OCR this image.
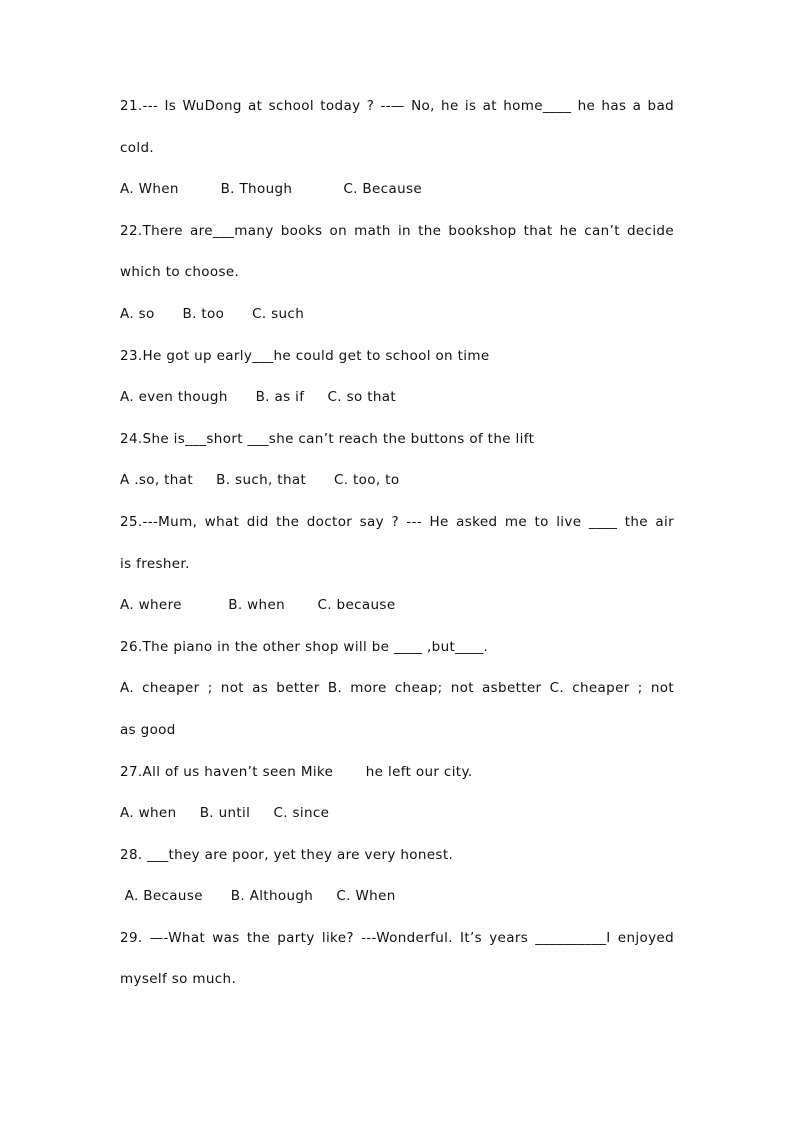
21.--- Is WuDong at school today ? --— No, he is at home____ he has a bad
cold.
A. When         B. Though           C. Because
22.There are___many books on math in the bookshop that he can’t decide
which to choose.
A. so      B. too      C. such
23.He got up early___he could get to school on time
A. even though      B. as if     C. so that
24.She is___short ___she can’t reach the buttons of the lift
A .so, that     B. such, that      C. too, to
25.---Mum, what did the doctor say ? --- He asked me to live ____ the air
is fresher.
A. where          B. when       C. because
26.The piano in the other shop will be ____ ,but____.
A. cheaper ; not as better B. more cheap; not asbetter C. cheaper ; not
as good
27.All of us haven’t seen Mike       he left our city.
A. when     B. until     C. since
28. ___they are poor, yet they are very honest.
A. Because      B. Although     C. When
29. —-What was the party like? ---Wonderful. It’s years __________I enjoyed
myself so much.
